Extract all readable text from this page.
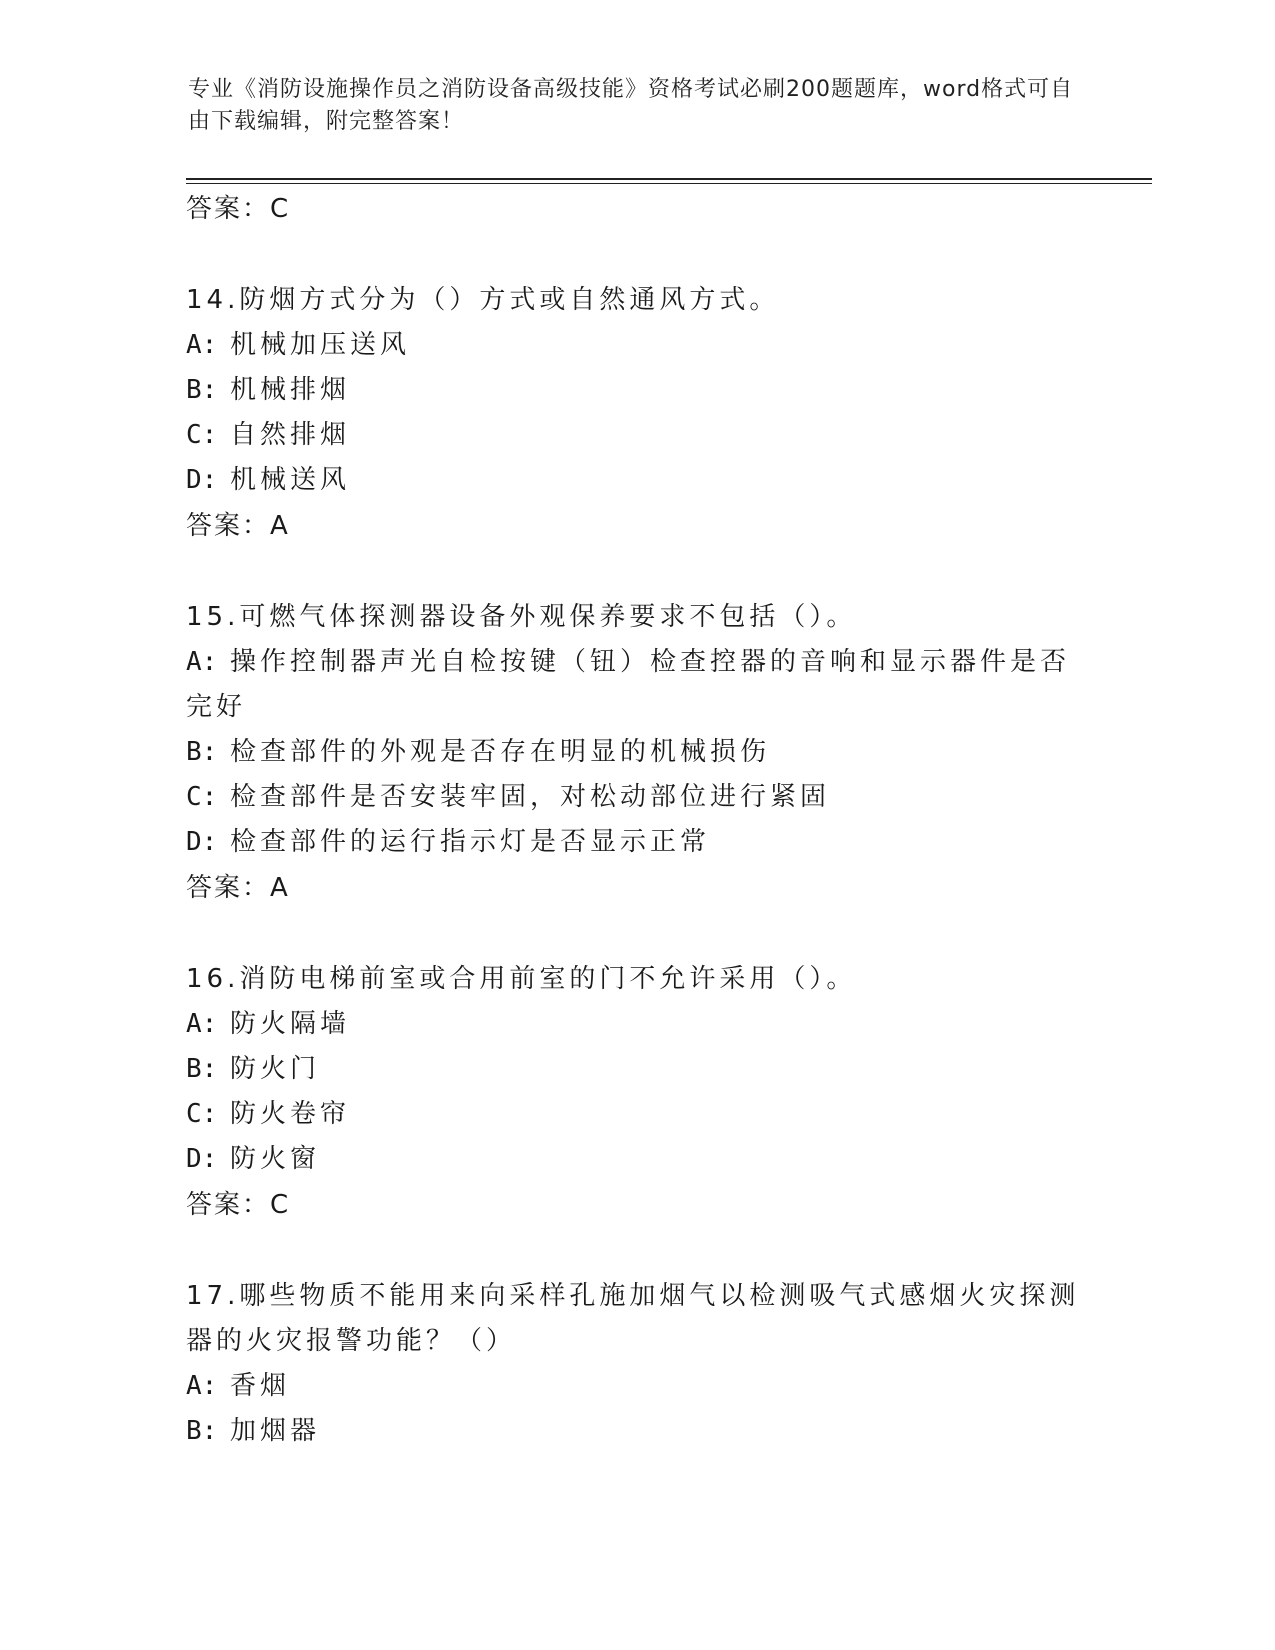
专业《消防设施操作员之消防设备高级技能》资格考试必刷200题题库，word格式可自由下载编辑，附完整答案！
答案：C
14.防烟方式分为（）方式或自然通风方式。
A: 机械加压送风
B: 机械排烟
C: 自然排烟
D: 机械送风
答案：A
15.可燃气体探测器设备外观保养要求不包括（）。
A: 操作控制器声光自检按键（钮）检查控器的音响和显示器件是否完好
B: 检查部件的外观是否存在明显的机械损伤
C: 检查部件是否安装牢固，对松动部位进行紧固
D: 检查部件的运行指示灯是否显示正常
答案：A
16.消防电梯前室或合用前室的门不允许采用（）。
A: 防火隔墙
B: 防火门
C: 防火卷帘
D: 防火窗
答案：C
17.哪些物质不能用来向采样孔施加烟气以检测吸气式感烟火灾探测器的火灾报警功能？（）
A: 香烟
B: 加烟器
